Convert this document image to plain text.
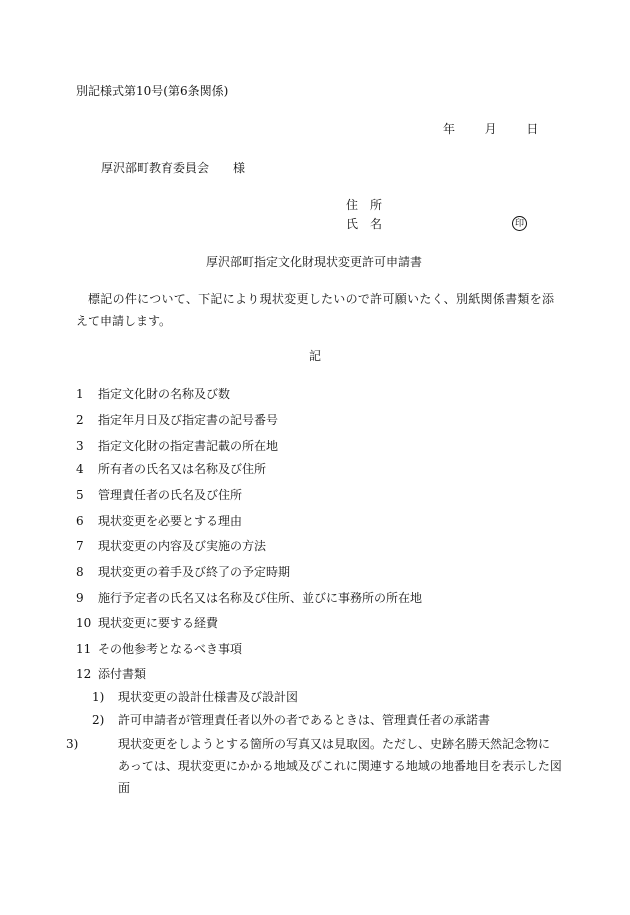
別記様式第10号(第6条関係)
年 月 日
厚沢部町教育委員会 様
住　所
氏　名	印
厚沢部町指定文化財現状変更許可申請書
標記の件について、下記により現状変更したいので許可願いたく、別紙関係書類を添えて申請します。
記
1 指定文化財の名称及び数
2 指定年月日及び指定書の記号番号
3 指定文化財の指定書記載の所在地
4 所有者の氏名又は名称及び住所
5 管理責任者の氏名及び住所
6 現状変更を必要とする理由
7 現状変更の内容及び実施の方法
8 現状変更の着手及び終了の予定時期
9 施行予定者の氏名又は名称及び住所、並びに事務所の所在地
10 現状変更に要する経費
11 その他参考となるべき事項
12 添付書類
1) 現状変更の設計仕様書及び設計図
2) 許可申請者が管理責任者以外の者であるときは、管理責任者の承諾書
3)	現状変更をしようとする箇所の写真又は見取図。ただし、史跡名勝天然記念物にあっては、現状変更にかかる地域及びこれに関連する地域の地番地目を表示した図面
